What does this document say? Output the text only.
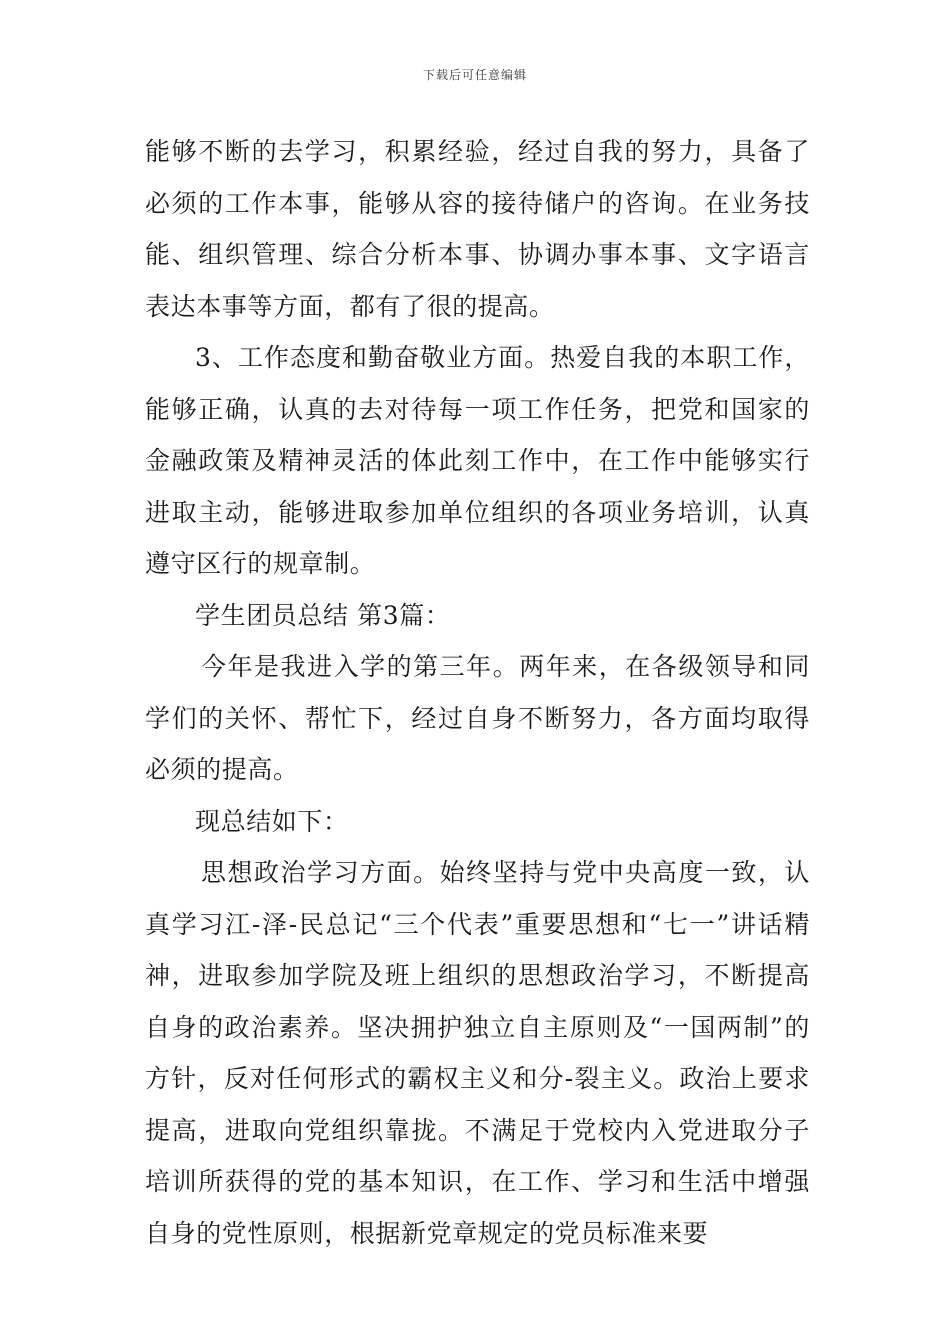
下载后可任意编辑

能够不断的去学习，积累经验，经过自我的努力，具备了必须的工作本事，能够从容的接待储户的咨询。在业务技能、组织管理、综合分析本事、协调办事本事、文字语言表达本事等方面，都有了很的提高。

3、工作态度和勤奋敬业方面。热爱自我的本职工作，能够正确，认真的去对待每一项工作任务，把党和国家的金融政策及精神灵活的体此刻工作中，在工作中能够实行进取主动，能够进取参加单位组织的各项业务培训，认真遵守区行的规章制。

学生团员总结 第3篇：

今年是我进入学的第三年。两年来，在各级领导和同学们的关怀、帮忙下，经过自身不断努力，各方面均取得必须的提高。

现总结如下：

思想政治学习方面。始终坚持与党中央高度一致，认真学习江-泽-民总记“三个代表”重要思想和“七一”讲话精神，进取参加学院及班上组织的思想政治学习，不断提高自身的政治素养。坚决拥护独立自主原则及“一国两制”的方针，反对任何形式的霸权主义和分-裂主义。政治上要求提高，进取向党组织靠拢。不满足于党校内入党进取分子培训所获得的党的基本知识，在工作、学习和生活中增强自身的党性原则，根据新党章规定的党员标准来要
